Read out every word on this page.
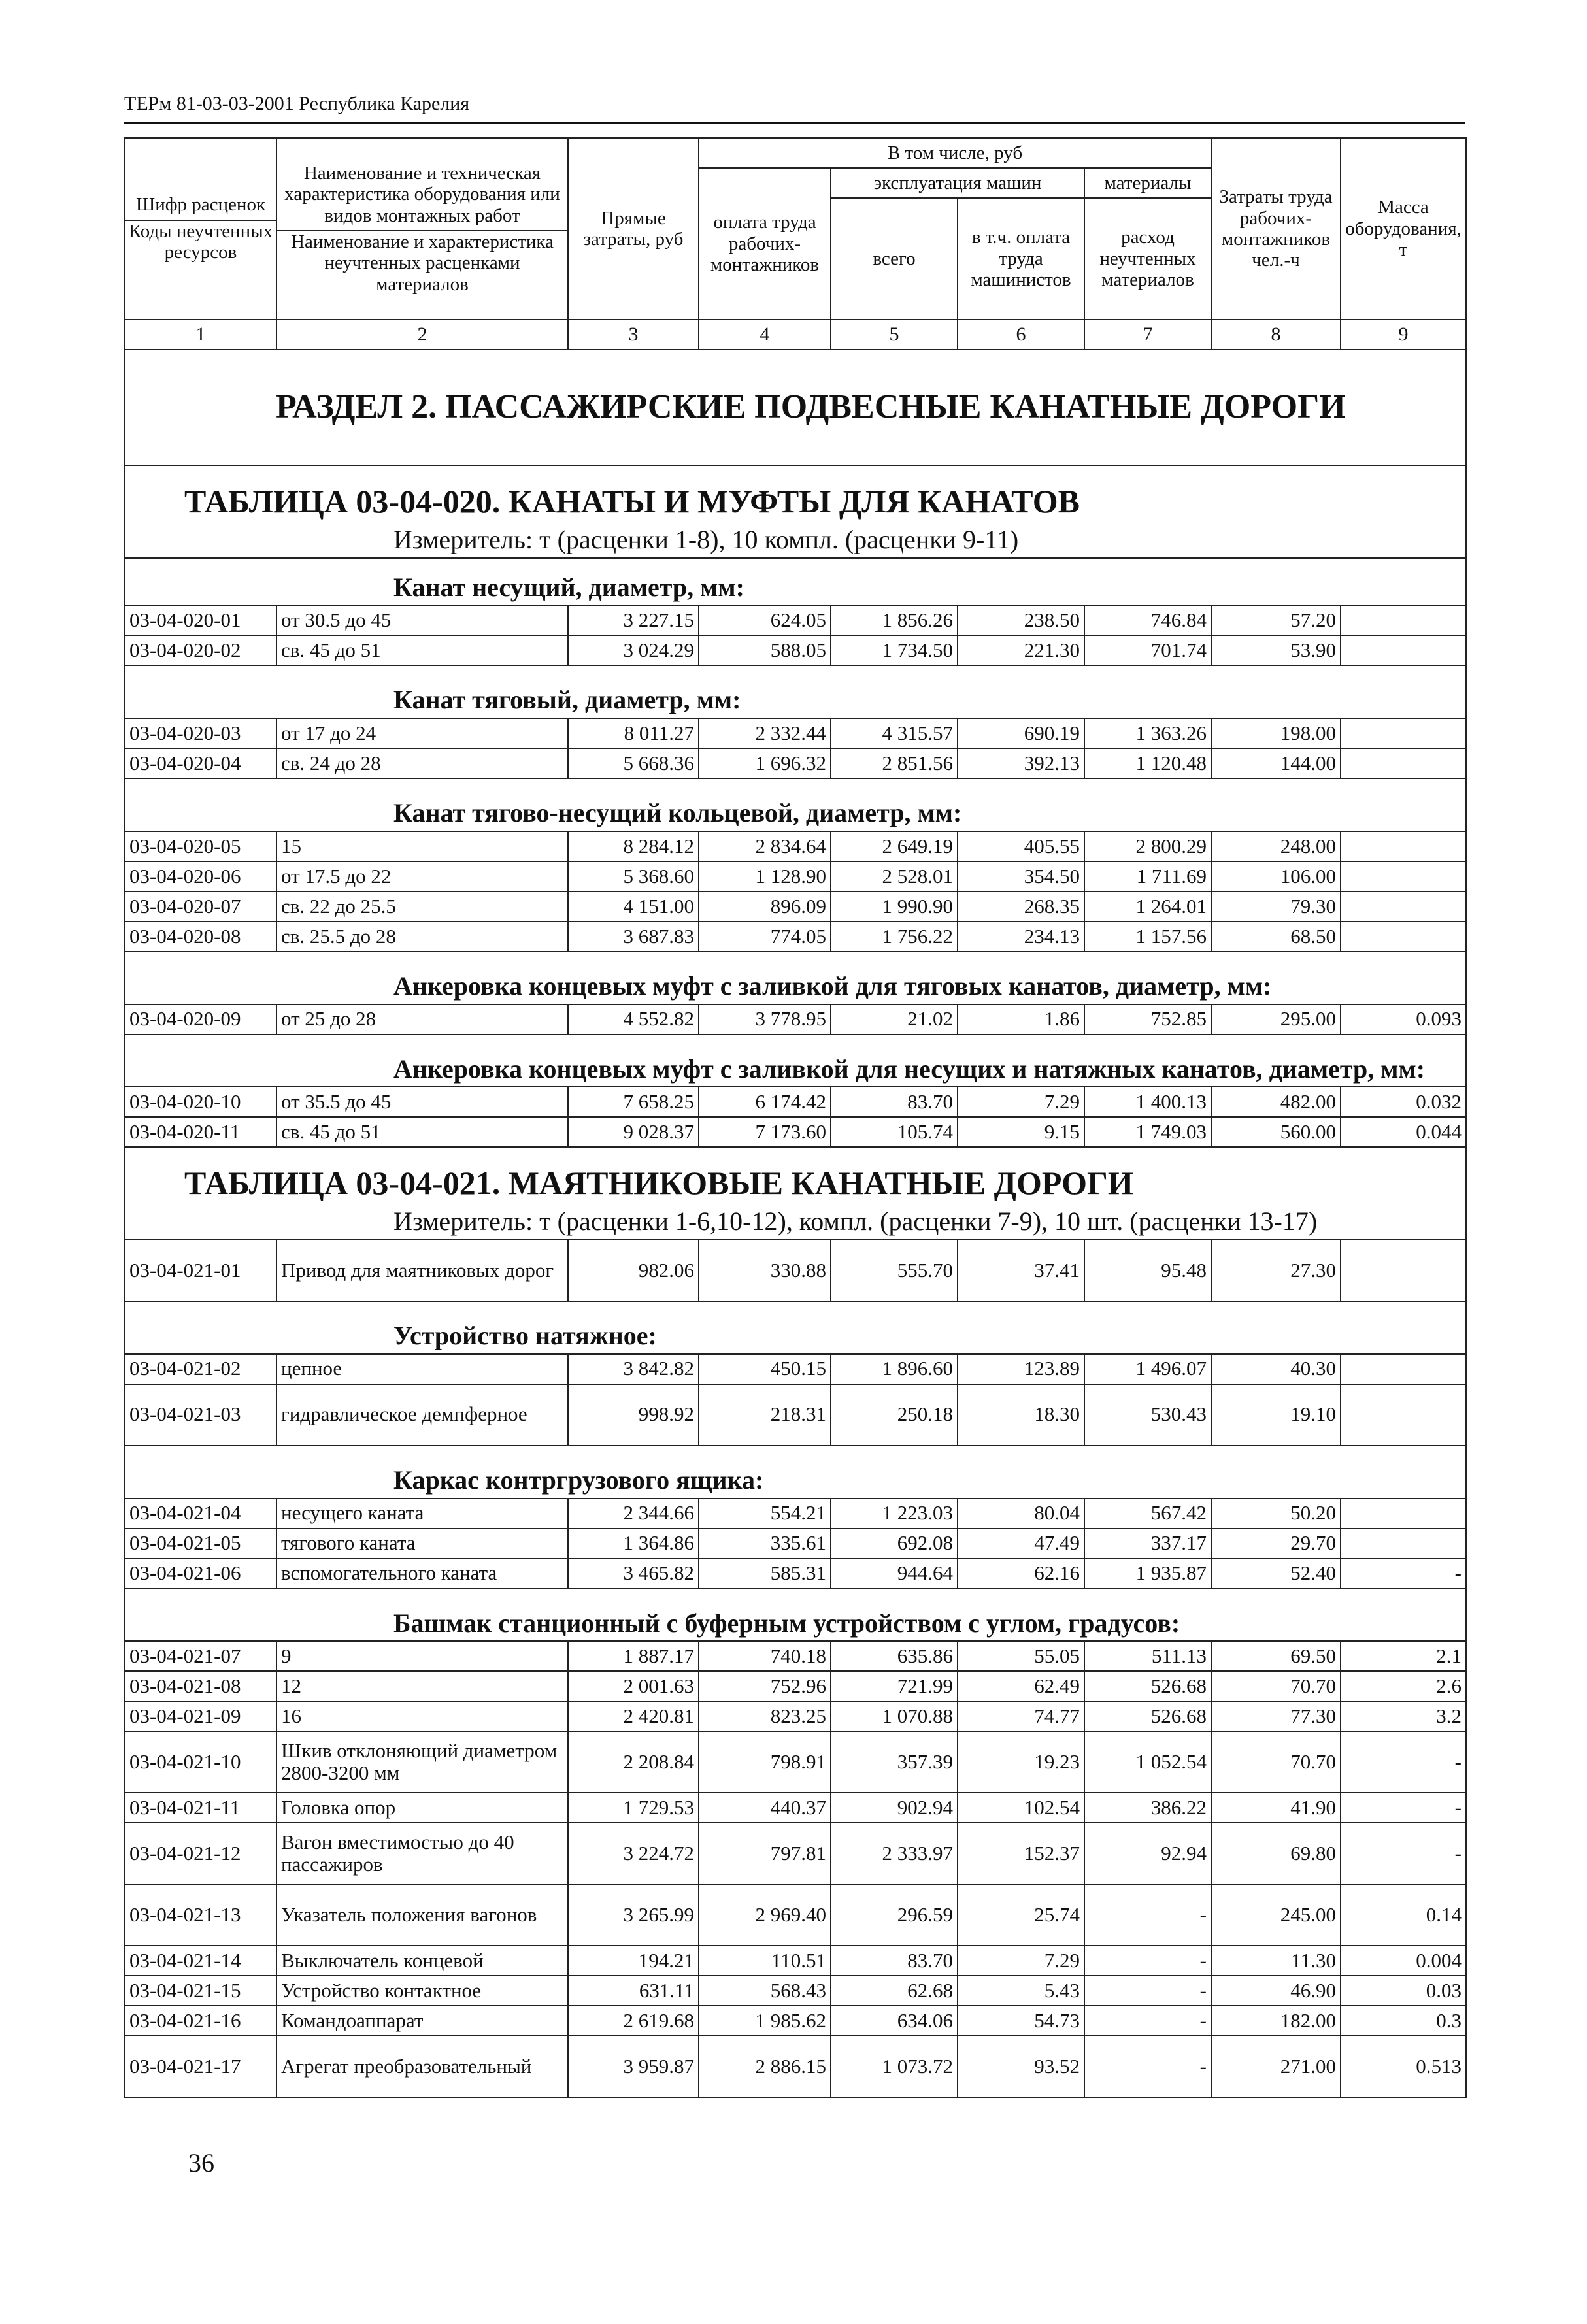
ТЕРм 81-03-03-2001 Республика Карелия
Шифр расценок
Коды неучтенных ресурсов	Наименование и техническая характеристика оборудования или видов монтажных работ
Наименование и характеристика неучтенных расценками материалов	Прямые затраты, руб	В том числе, руб				Затраты труда рабочих-монтажников чел.-ч	Масса оборудования, т
			оплата труда рабочих-монтажников	эксплуатация машин		материалы		
				всего	в т.ч. оплата труда машинистов	расход неучтенных материалов		
1	2	3	4	5	6	7	8	9
РАЗДЕЛ 2. ПАССАЖИРСКИЕ ПОДВЕСНЫЕ КАНАТНЫЕ ДОРОГИ								
ТАБЛИЦА 03-04-020. КАНАТЫ И МУФТЫ ДЛЯ КАНАТОВ
Измеритель: т (расценки 1-8), 10 компл. (расценки 9-11)								

Канат несущий, диаметр, мм:								
03-04-020-01	от 30.5 до 45	3 227.15	624.05	1 856.26	238.50	746.84	57.20	
03-04-020-02	св. 45 до 51	3 024.29	588.05	1 734.50	221.30	701.74	53.90	
Канат тяговый, диаметр, мм:								
03-04-020-03	от 17 до 24	8 011.27	2 332.44	4 315.57	690.19	1 363.26	198.00	
03-04-020-04	св. 24 до 28	5 668.36	1 696.32	2 851.56	392.13	1 120.48	144.00	
Канат тягово-несущий кольцевой, диаметр, мм:								
03-04-020-05	15	8 284.12	2 834.64	2 649.19	405.55	2 800.29	248.00	
03-04-020-06	от 17.5 до 22	5 368.60	1 128.90	2 528.01	354.50	1 711.69	106.00	
03-04-020-07	св. 22 до 25.5	4 151.00	896.09	1 990.90	268.35	1 264.01	79.30	
03-04-020-08	св. 25.5 до 28	3 687.83	774.05	1 756.22	234.13	1 157.56	68.50	
Анкеровка концевых муфт с заливкой для тяговых канатов, диаметр, мм:								
03-04-020-09	от 25 до 28	4 552.82	3 778.95	21.02	1.86	752.85	295.00	0.093
Анкеровка концевых муфт с заливкой для несущих и натяжных канатов, диаметр, мм:								
03-04-020-10	от 35.5 до 45	7 658.25	6 174.42	83.70	7.29	1 400.13	482.00	0.032
03-04-020-11	св. 45 до 51	9 028.37	7 173.60	105.74	9.15	1 749.03	560.00	0.044
ТАБЛИЦА 03-04-021. МАЯТНИКОВЫЕ КАНАТНЫЕ ДОРОГИ
Измеритель: т (расценки 1-6,10-12), компл. (расценки 7-9), 10 шт. (расценки 13-17)								

03-04-021-01	Привод для маятниковых дорог	982.06	330.88	555.70	37.41	95.48	27.30	
Устройство натяжное:								
03-04-021-02	цепное	3 842.82	450.15	1 896.60	123.89	1 496.07	40.30	
03-04-021-03	гидравлическое демпферное	998.92	218.31	250.18	18.30	530.43	19.10	
Каркас контргрузового ящика:								
03-04-021-04	несущего каната	2 344.66	554.21	1 223.03	80.04	567.42	50.20	
03-04-021-05	тягового каната	1 364.86	335.61	692.08	47.49	337.17	29.70	
03-04-021-06	вспомогательного каната	3 465.82	585.31	944.64	62.16	1 935.87	52.40	-
Башмак станционный с буферным устройством с углом, градусов:								
03-04-021-07	9	1 887.17	740.18	635.86	55.05	511.13	69.50	2.1
03-04-021-08	12	2 001.63	752.96	721.99	62.49	526.68	70.70	2.6
03-04-021-09	16	2 420.81	823.25	1 070.88	74.77	526.68	77.30	3.2
03-04-021-10	Шкив отклоняющий диаметром 2800-3200 мм	2 208.84	798.91	357.39	19.23	1 052.54	70.70	-
03-04-021-11	Головка опор	1 729.53	440.37	902.94	102.54	386.22	41.90	-
03-04-021-12	Вагон вместимостью до 40 пассажиров	3 224.72	797.81	2 333.97	152.37	92.94	69.80	-
03-04-021-13	Указатель положения вагонов	3 265.99	2 969.40	296.59	25.74	-	245.00	0.14
03-04-021-14	Выключатель концевой	194.21	110.51	83.70	7.29	-	11.30	0.004
03-04-021-15	Устройство контактное	631.11	568.43	62.68	5.43	-	46.90	0.03
03-04-021-16	Командоаппарат	2 619.68	1 985.62	634.06	54.73	-	182.00	0.3
03-04-021-17	Агрегат преобразовательный	3 959.87	2 886.15	1 073.72	93.52	-	271.00	0.513
36
